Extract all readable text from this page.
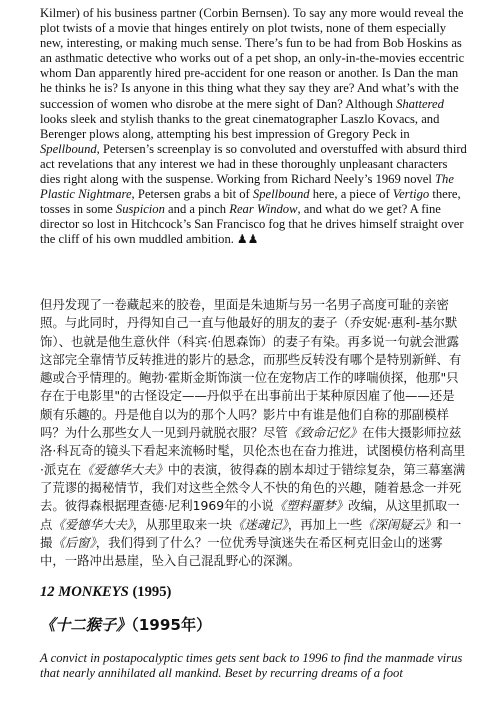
Kilmer) of his business partner (Corbin Bernsen). To say any more would reveal the plot twists of a movie that hinges entirely on plot twists, none of them especially new, interesting, or making much sense. There’s fun to be had from Bob Hoskins as an asthmatic detective who works out of a pet shop, an only-in-the-movies eccentric whom Dan apparently hired pre-accident for one reason or another. Is Dan the man he thinks he is? Is anyone in this thing what they say they are? And what’s with the succession of women who disrobe at the mere sight of Dan? Although Shattered looks sleek and stylish thanks to the great cinematographer Laszlo Kovacs, and Berenger plows along, attempting his best impression of Gregory Peck in Spellbound, Petersen’s screenplay is so convoluted and overstuffed with absurd third act revelations that any interest we had in these thoroughly unpleasant characters dies right along with the suspense. Working from Richard Neely’s 1969 novel The Plastic Nightmare, Petersen grabs a bit of Spellbound here, a piece of Vertigo there, tosses in some Suspicion and a pinch Rear Window, and what do we get? A fine director so lost in Hitchcock’s San Francisco fog that he drives himself straight over the cliff of his own muddled ambition. ♟♟

但丹发现了一卷藏起来的胶卷，里面是朱迪斯与另一名男子高度可耻的亲密照。与此同时，丹得知自己一直与他最好的朋友的妻子（乔安妮·惠利-基尔默饰）、也就是他生意伙伴（科宾·伯恩森饰）的妻子有染。再多说一句就会泄露这部完全靠情节反转推进的影片的悬念，而那些反转没有哪个是特别新鲜、有趣或合乎情理的。鲍勃·霍斯金斯饰演一位在宠物店工作的哮喘侦探，他那"只存在于电影里"的古怪设定——丹似乎在出事前出于某种原因雇了他——还是颇有乐趣的。丹是他自以为的那个人吗？影片中有谁是他们自称的那副模样吗？为什么那些女人一见到丹就脱衣服？尽管《致命记忆》在伟大摄影师拉兹洛·科瓦奇的镜头下看起来流畅时髦，贝伦杰也在奋力推进，试图模仿格利高里·派克在《爱德华大夫》中的表演，彼得森的剧本却过于错综复杂，第三幕塞满了荒谬的揭秘情节，我们对这些全然令人不快的角色的兴趣，随着悬念一并死去。彼得森根据理查德·尼利1969年的小说《塑料噩梦》改编，从这里抓取一点《爱德华大夫》，从那里取来一块《迷魂记》，再加上一些《深闺疑云》和一撮《后窗》，我们得到了什么？一位优秀导演迷失在希区柯克旧金山的迷雾中，一路冲出悬崖，坠入自己混乱野心的深渊。

12 MONKEYS (1995)
《十二猴子》（1995年）

A convict in postapocalyptic times gets sent back to 1996 to find the manmade virus that nearly annihilated all mankind. Beset by recurring dreams of a foot
